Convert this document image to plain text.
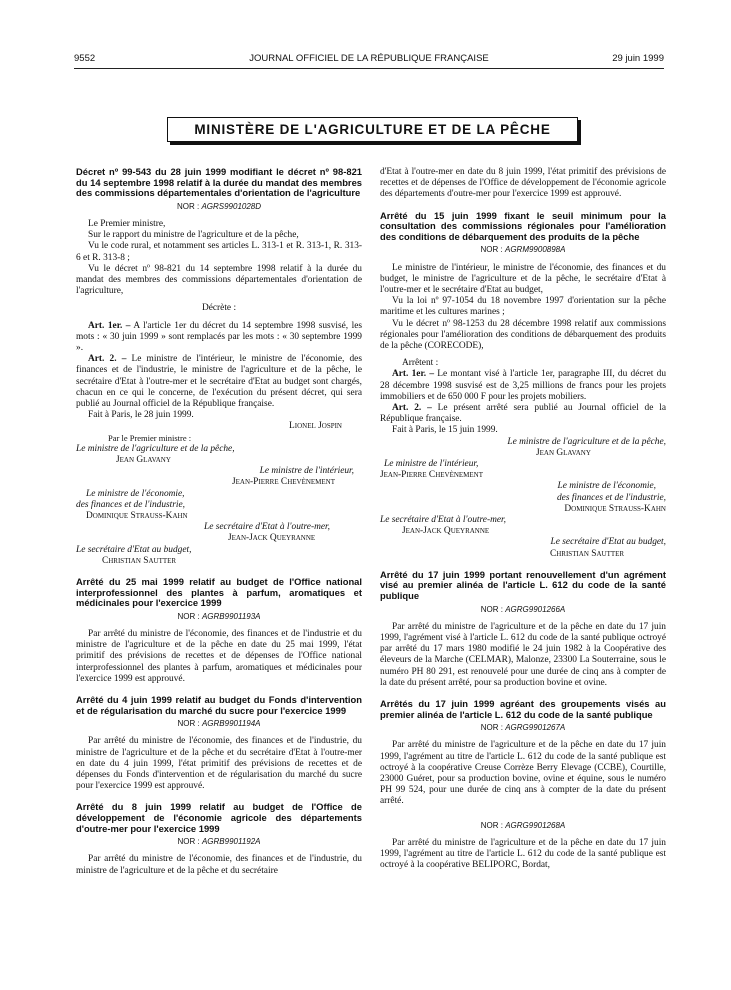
9552	JOURNAL OFFICIEL DE LA RÉPUBLIQUE FRANÇAISE	29 juin 1999
MINISTÈRE DE L'AGRICULTURE ET DE LA PÊCHE
Décret nº 99-543 du 28 juin 1999 modifiant le décret nº 98-821 du 14 septembre 1998 relatif à la durée du mandat des membres des commissions départementales d'orientation de l'agriculture
NOR : AGRS9901028D

Le Premier ministre,

Sur le rapport du ministre de l'agriculture et de la pêche,

Vu le code rural, et notamment ses articles L. 313-1 et R. 313-1, R. 313-6 et R. 313-8 ;

Vu le décret nº 98-821 du 14 septembre 1998 relatif à la durée du mandat des membres des commissions départementales d'orientation de l'agriculture,

Décrète :

Art. 1er. – A l'article 1er du décret du 14 septembre 1998 susvisé, les mots : « 30 juin 1999 » sont remplacés par les mots : « 30 septembre 1999 ».

Art. 2. – Le ministre de l'intérieur, le ministre de l'économie, des finances et de l'industrie, le ministre de l'agriculture et de la pêche, le secrétaire d'Etat à l'outre-mer et le secrétaire d'Etat au budget sont chargés, chacun en ce qui le concerne, de l'exécution du présent décret, qui sera publié au Journal officiel de la République française.

Fait à Paris, le 28 juin 1999.

Lionel Jospin

Par le Premier ministre :

Le ministre de l'agriculture et de la pêche,

Jean Glavany

Le ministre de l'intérieur,

Jean-Pierre Chevènement

Le ministre de l'économie,

des finances et de l'industrie,

Dominique Strauss-Kahn

Le secrétaire d'Etat à l'outre-mer,

Jean-Jack Queyranne

Le secrétaire d'Etat au budget,

Christian Sautter

Arrêté du 25 mai 1999 relatif au budget de l'Office national interprofessionnel des plantes à parfum, aromatiques et médicinales pour l'exercice 1999
NOR : AGRB9901193A

Par arrêté du ministre de l'économie, des finances et de l'industrie et du ministre de l'agriculture et de la pêche en date du 25 mai 1999, l'état primitif des prévisions de recettes et de dépenses de l'Office national interprofessionnel des plantes à parfum, aromatiques et médicinales pour l'exercice 1999 est approuvé.

Arrêté du 4 juin 1999 relatif au budget du Fonds d'intervention et de régularisation du marché du sucre pour l'exercice 1999
NOR : AGRB9901194A

Par arrêté du ministre de l'économie, des finances et de l'industrie, du ministre de l'agriculture et de la pêche et du secrétaire d'Etat à l'outre-mer en date du 4 juin 1999, l'état primitif des prévisions de recettes et de dépenses du Fonds d'intervention et de régularisation du marché du sucre pour l'exercice 1999 est approuvé.

Arrêté du 8 juin 1999 relatif au budget de l'Office de développement de l'économie agricole des départements d'outre-mer pour l'exercice 1999
NOR : AGRB9901192A

Par arrêté du ministre de l'économie, des finances et de l'industrie, du ministre de l'agriculture et de la pêche et du secrétaire

d'Etat à l'outre-mer en date du 8 juin 1999, l'état primitif des prévisions de recettes et de dépenses de l'Office de développement de l'économie agricole des départements d'outre-mer pour l'exercice 1999 est approuvé.

Arrêté du 15 juin 1999 fixant le seuil minimum pour la consultation des commissions régionales pour l'amélioration des conditions de débarquement des produits de la pêche
NOR : AGRM9900898A

Le ministre de l'intérieur, le ministre de l'économie, des finances et du budget, le ministre de l'agriculture et de la pêche, le secrétaire d'Etat à l'outre-mer et le secrétaire d'Etat au budget,

Vu la loi nº 97-1054 du 18 novembre 1997 d'orientation sur la pêche maritime et les cultures marines ;

Vu le décret nº 98-1253 du 28 décembre 1998 relatif aux commissions régionales pour l'amélioration des conditions de débarquement des produits de la pêche (CORECODE),

Arrêtent :

Art. 1er. – Le montant visé à l'article 1er, paragraphe III, du décret du 28 décembre 1998 susvisé est de 3,25 millions de francs pour les projets immobiliers et de 650 000 F pour les projets mobiliers.

Art. 2. – Le présent arrêté sera publié au Journal officiel de la République française.

Fait à Paris, le 15 juin 1999.

Le ministre de l'agriculture et de la pêche,

Jean Glavany

Le ministre de l'intérieur,

Jean-Pierre Chevènement

Le ministre de l'économie,

des finances et de l'industrie,

Dominique Strauss-Kahn

Le secrétaire d'Etat à l'outre-mer,

Jean-Jack Queyranne

Le secrétaire d'Etat au budget,

Christian Sautter

Arrêté du 17 juin 1999 portant renouvellement d'un agrément visé au premier alinéa de l'article L. 612 du code de la santé publique
NOR : AGRG9901266A

Par arrêté du ministre de l'agriculture et de la pêche en date du 17 juin 1999, l'agrément visé à l'article L. 612 du code de la santé publique octroyé par arrêté du 17 mars 1980 modifié le 24 juin 1982 à la Coopérative des éleveurs de la Marche (CELMAR), Malonze, 23300 La Souterraine, sous le numéro PH 80 291, est renouvelé pour une durée de cinq ans à compter de la date du présent arrêté, pour sa production bovine et ovine.

Arrêtés du 17 juin 1999 agréant des groupements visés au premier alinéa de l'article L. 612 du code de la santé publique
NOR : AGRG9901267A

Par arrêté du ministre de l'agriculture et de la pêche en date du 17 juin 1999, l'agrément au titre de l'article L. 612 du code de la santé publique est octroyé à la coopérative Creuse Corrèze Berry Elevage (CCBE), Courtille, 23000 Guéret, pour sa production bovine, ovine et équine, sous le numéro PH 99 524, pour une durée de cinq ans à compter de la date du présent arrêté.

NOR : AGRG9901268A

Par arrêté du ministre de l'agriculture et de la pêche en date du 17 juin 1999, l'agrément au titre de l'article L. 612 du code de la santé publique est octroyé à la coopérative BELIPORC, Bordat,
